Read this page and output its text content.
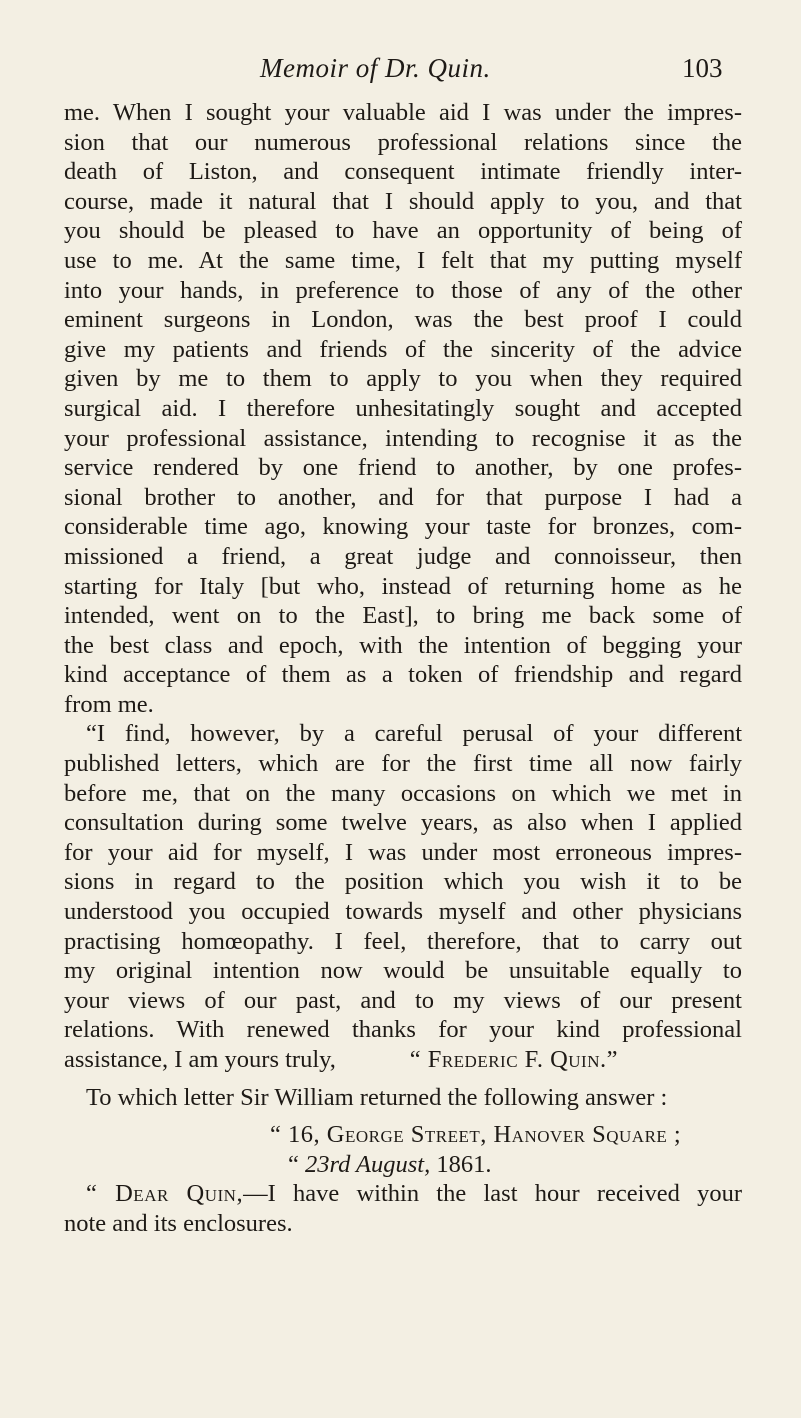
Memoir of Dr. Quin.	103
me. When I sought your valuable aid I was under the impres-
sion that our numerous professional relations since the
death of Liston, and consequent intimate friendly inter-
course, made it natural that I should apply to you, and that
you should be pleased to have an opportunity of being of
use to me. At the same time, I felt that my putting myself
into your hands, in preference to those of any of the other
eminent surgeons in London, was the best proof I could
give my patients and friends of the sincerity of the advice
given by me to them to apply to you when they required
surgical aid. I therefore unhesitatingly sought and accepted
your professional assistance, intending to recognise it as the
service rendered by one friend to another, by one profes-
sional brother to another, and for that purpose I had a
considerable time ago, knowing your taste for bronzes, com-
missioned a friend, a great judge and connoisseur, then
starting for Italy [but who, instead of returning home as he
intended, went on to the East], to bring me back some of
the best class and epoch, with the intention of begging your
kind acceptance of them as a token of friendship and regard
from me.
“I find, however, by a careful perusal of your different
published letters, which are for the first time all now fairly
before me, that on the many occasions on which we met in
consultation during some twelve years, as also when I applied
for your aid for myself, I was under most erroneous impres-
sions in regard to the position which you wish it to be
understood you occupied towards myself and other physicians
practising homœopathy. I feel, therefore, that to carry out
my original intention now would be unsuitable equally to
your views of our past, and to my views of our present
relations. With renewed thanks for your kind professional
assistance, I am yours truly,	“ Frederic F. Quin.”
To which letter Sir William returned the following answer :
“ 16, George Street, Hanover Square ;
“ 23rd August, 1861.
“ Dear Quin,—I have within the last hour received your
note and its enclosures.
